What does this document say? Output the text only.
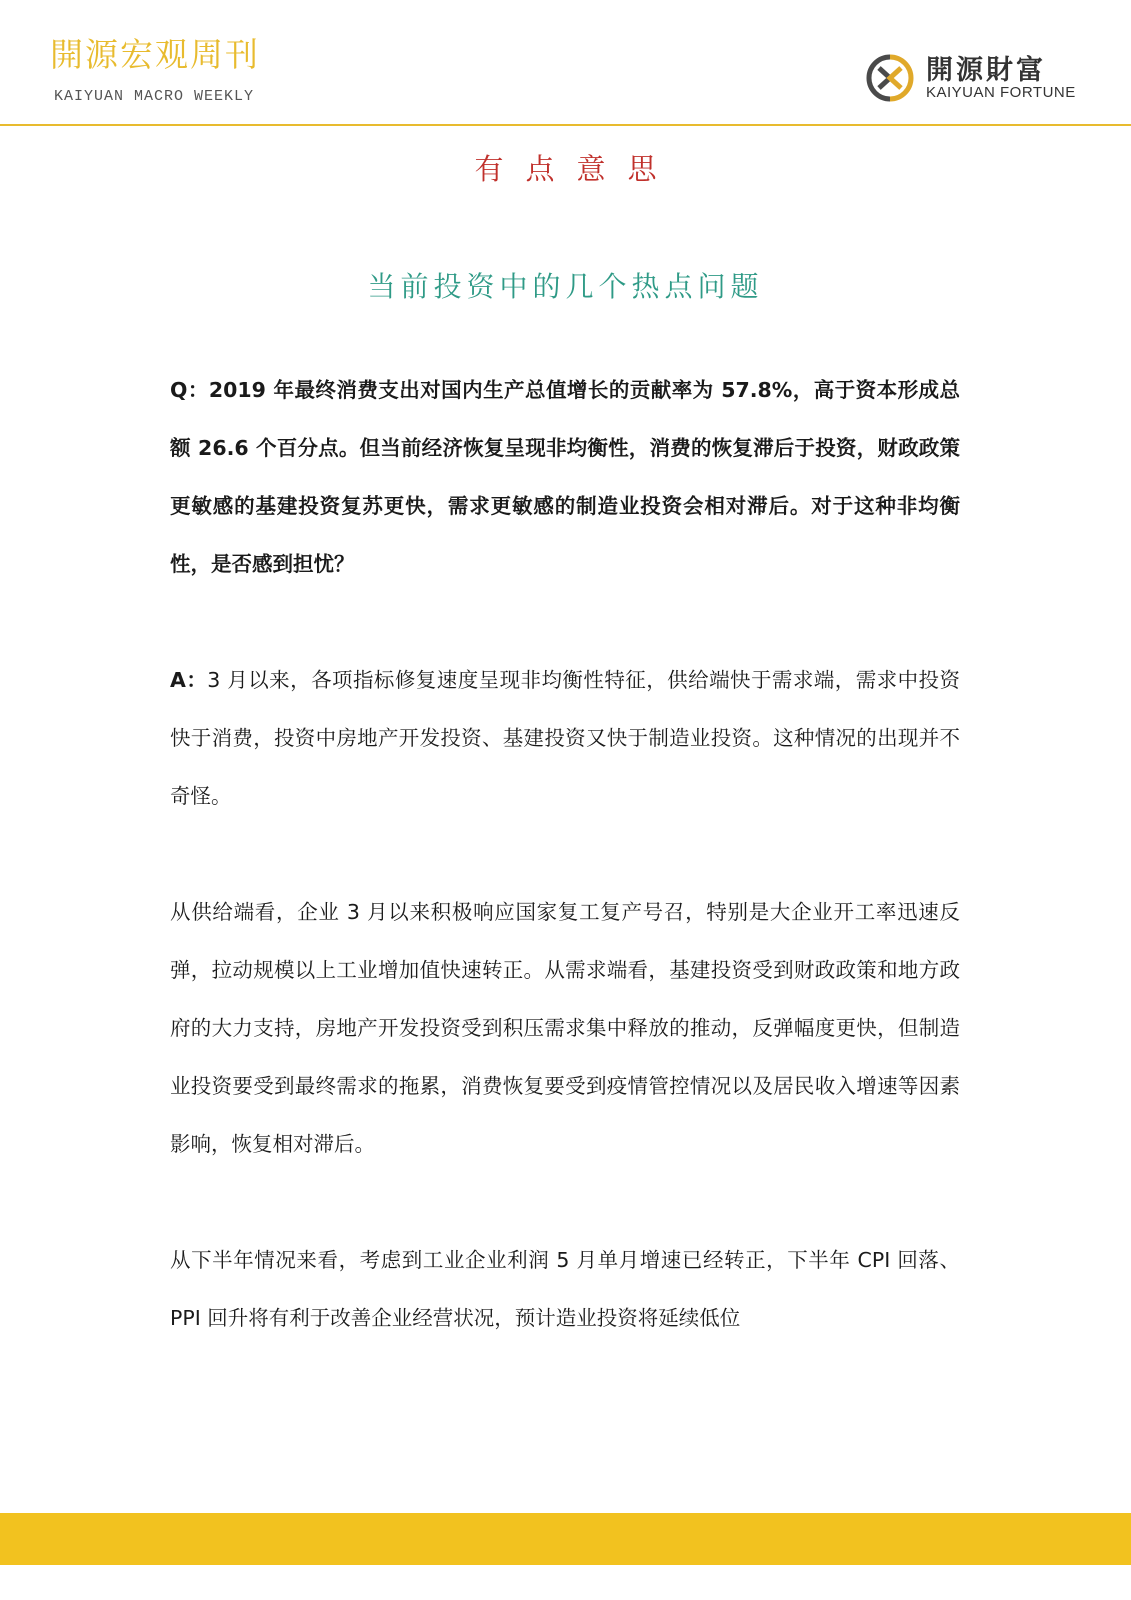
開源宏观周刊
KAIYUAN MACRO WEEKLY
開源財富
KAIYUAN FORTUNE
有点意思
当前投资中的几个热点问题

Q：2019 年最终消费支出对国内生产总值增长的贡献率为 57.8%，高于资本形成总额 26.6 个百分点。但当前经济恢复呈现非均衡性，消费的恢复滞后于投资，财政政策更敏感的基建投资复苏更快，需求更敏感的制造业投资会相对滞后。对于这种非均衡性，是否感到担忧？

A：3 月以来，各项指标修复速度呈现非均衡性特征，供给端快于需求端，需求中投资快于消费，投资中房地产开发投资、基建投资又快于制造业投资。这种情况的出现并不奇怪。

从供给端看，企业 3 月以来积极响应国家复工复产号召，特别是大企业开工率迅速反弹，拉动规模以上工业增加值快速转正。从需求端看，基建投资受到财政政策和地方政府的大力支持，房地产开发投资受到积压需求集中释放的推动，反弹幅度更快，但制造业投资要受到最终需求的拖累，消费恢复要受到疫情管控情况以及居民收入增速等因素影响，恢复相对滞后。

从下半年情况来看，考虑到工业企业利润 5 月单月增速已经转正，下半年 CPI 回落、PPI 回升将有利于改善企业经营状况，预计造业投资将延续低位
